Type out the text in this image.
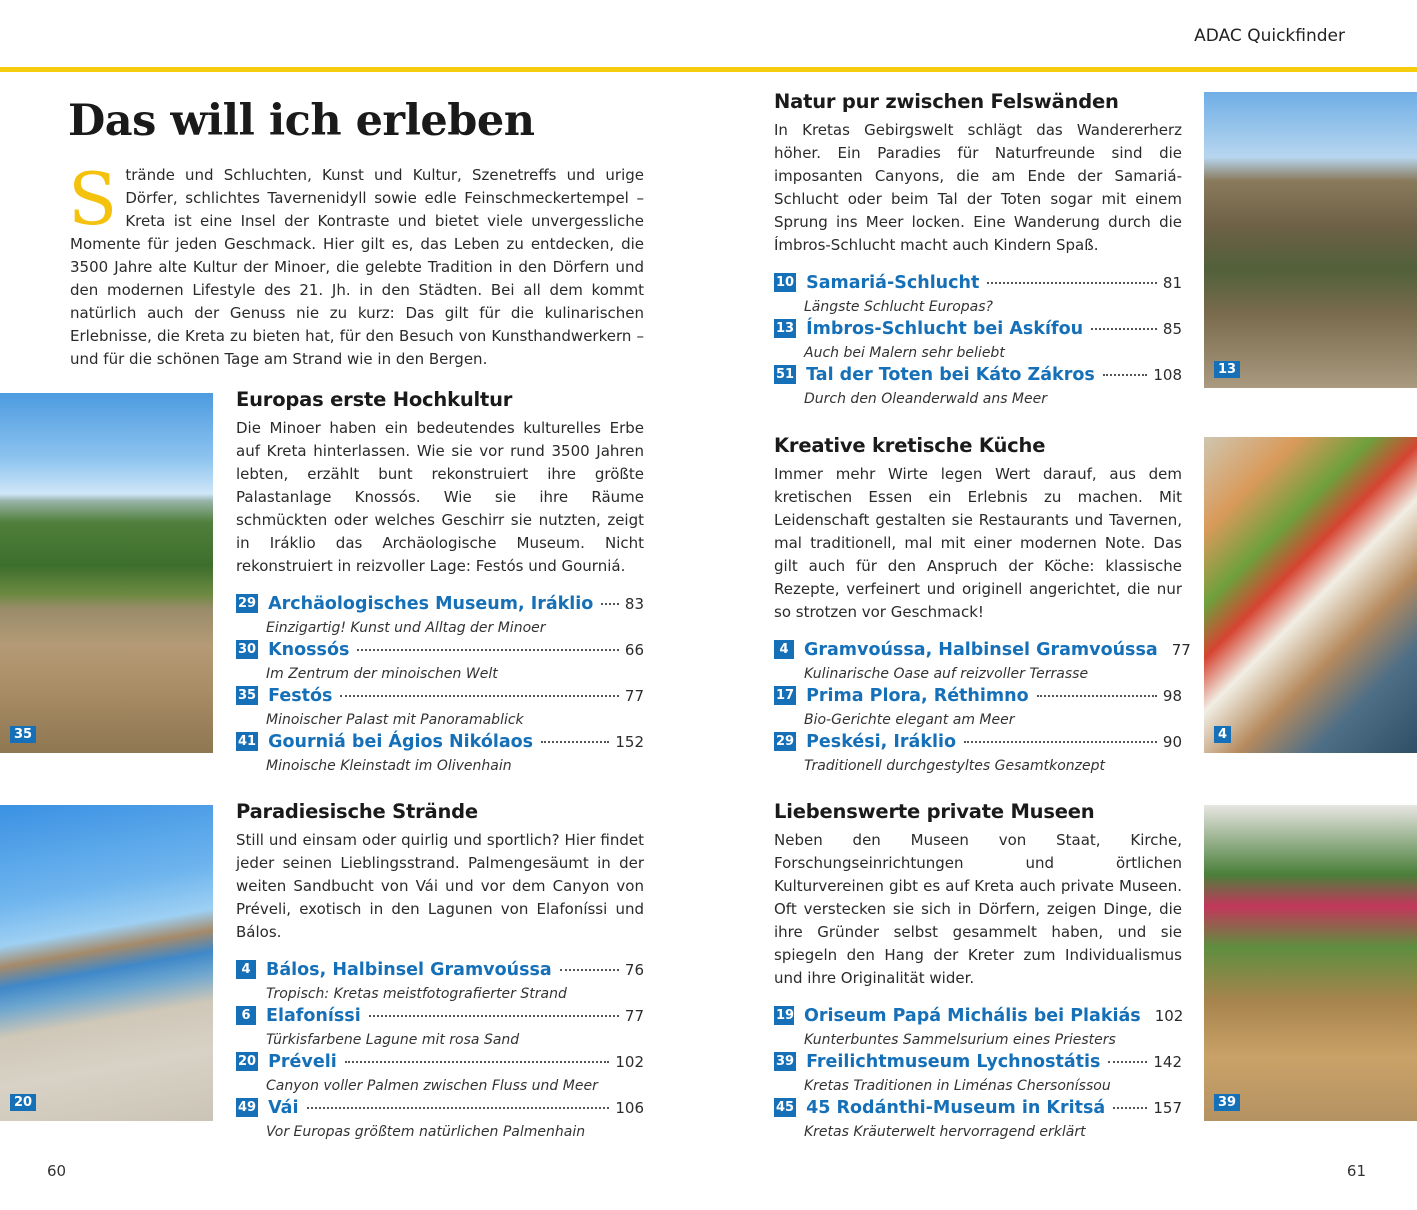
ADAC Quickfinder
Das will ich erleben
Strände und Schluchten, Kunst und Kultur, Szenetreffs und urige Dörfer, schlichtes Tavernenidyll sowie edle Feinschmeckertempel – Kreta ist eine Insel der Kontraste und bietet viele unvergessliche Momente für jeden Geschmack. Hier gilt es, das Leben zu entdecken, die 3500 Jahre alte Kultur der Minoer, die gelebte Tradition in den Dörfern und den modernen Lifestyle des 21. Jh. in den Städten. Bei all dem kommt natürlich auch der Genuss nie zu kurz: Das gilt für die kulinarischen Erlebnisse, die Kreta zu bieten hat, für den Besuch von Kunsthandwerkern – und für die schönen Tage am Strand wie in den Bergen.
35
20
13
4
39
Europas erste Hochkultur

Die Minoer haben ein bedeutendes kulturelles Erbe auf Kreta hinterlassen. Wie sie vor rund 3500 Jahren lebten, erzählt bunt rekonstruiert ihre größte Palastanlage Knossós. Wie sie ihre Räume schmückten oder welches Geschirr sie nutzten, zeigt in Iráklio das Archäologische Museum. Nicht rekonstruiert in reizvoller Lage: Festós und Gourniá.

29 Archäologisches Museum, Iráklio 83
Einzigartig! Kunst und Alltag der Minoer
30 Knossós	66
Im Zentrum der minoischen Welt
35 Festós	77
Minoischer Palast mit Panoramablick
41 Gourniá bei Ágios Nikólaos	152
Minoische Kleinstadt im Olivenhain
Paradiesische Strände

Still und einsam oder quirlig und sportlich? Hier findet jeder seinen Lieblingsstrand. Palmengesäumt in der weiten Sandbucht von Vái und vor dem Canyon von Préveli, exotisch in den Lagunen von Elafoníssi und Bálos.

4 Bálos, Halbinsel Gramvoússa	76
Tropisch: Kretas meistfotografierter Strand
6 Elafoníssi	77
Türkisfarbene Lagune mit rosa Sand
20 Préveli	102
Canyon voller Palmen zwischen Fluss und Meer
49 Vái	106
Vor Europas größtem natürlichen Palmenhain
Natur pur zwischen Felswänden

In Kretas Gebirgswelt schlägt das Wandererherz höher. Ein Paradies für Naturfreunde sind die imposanten Canyons, die am Ende der Samariá-Schlucht oder beim Tal der Toten sogar mit einem Sprung ins Meer locken. Eine Wanderung durch die Ímbros-Schlucht macht auch Kindern Spaß.

10 Samariá-Schlucht	81
Längste Schlucht Europas?
13 Ímbros-Schlucht bei Askífou	85
Auch bei Malern sehr beliebt
51 Tal der Toten bei Káto Zákros	108
Durch den Oleanderwald ans Meer
Kreative kretische Küche

Immer mehr Wirte legen Wert darauf, aus dem kretischen Essen ein Erlebnis zu machen. Mit Leidenschaft gestalten sie Restaurants und Tavernen, mal traditionell, mal mit einer modernen Note. Das gilt auch für den Anspruch der Köche: klassische Rezepte, verfeinert und originell angerichtet, die nur so strotzen vor Geschmack!

4 Gramvoússa, Halbinsel Gramvoússa 77
Kulinarische Oase auf reizvoller Terrasse
17 Prima Plora, Réthimno	98
Bio-Gerichte elegant am Meer
29 Peskési, Iráklio	90
Traditionell durchgestyltes Gesamtkonzept
Liebenswerte private Museen

Neben den Museen von Staat, Kirche, Forschungseinrichtungen und örtlichen Kulturvereinen gibt es auf Kreta auch private Museen. Oft verstecken sie sich in Dörfern, zeigen Dinge, die ihre Gründer selbst gesammelt haben, und sie spiegeln den Hang der Kreter zum Individualismus und ihre Originalität wider.

19 Oriseum Papá Michális bei Plakiás 102
Kunterbuntes Sammelsurium eines Priesters
39 Freilichtmuseum Lychnostátis	142
Kretas Traditionen in Liménas Chersoníssou
45 45 Rodánthi-Museum in Kritsá	157
Kretas Kräuterwelt hervorragend erklärt
60	61
